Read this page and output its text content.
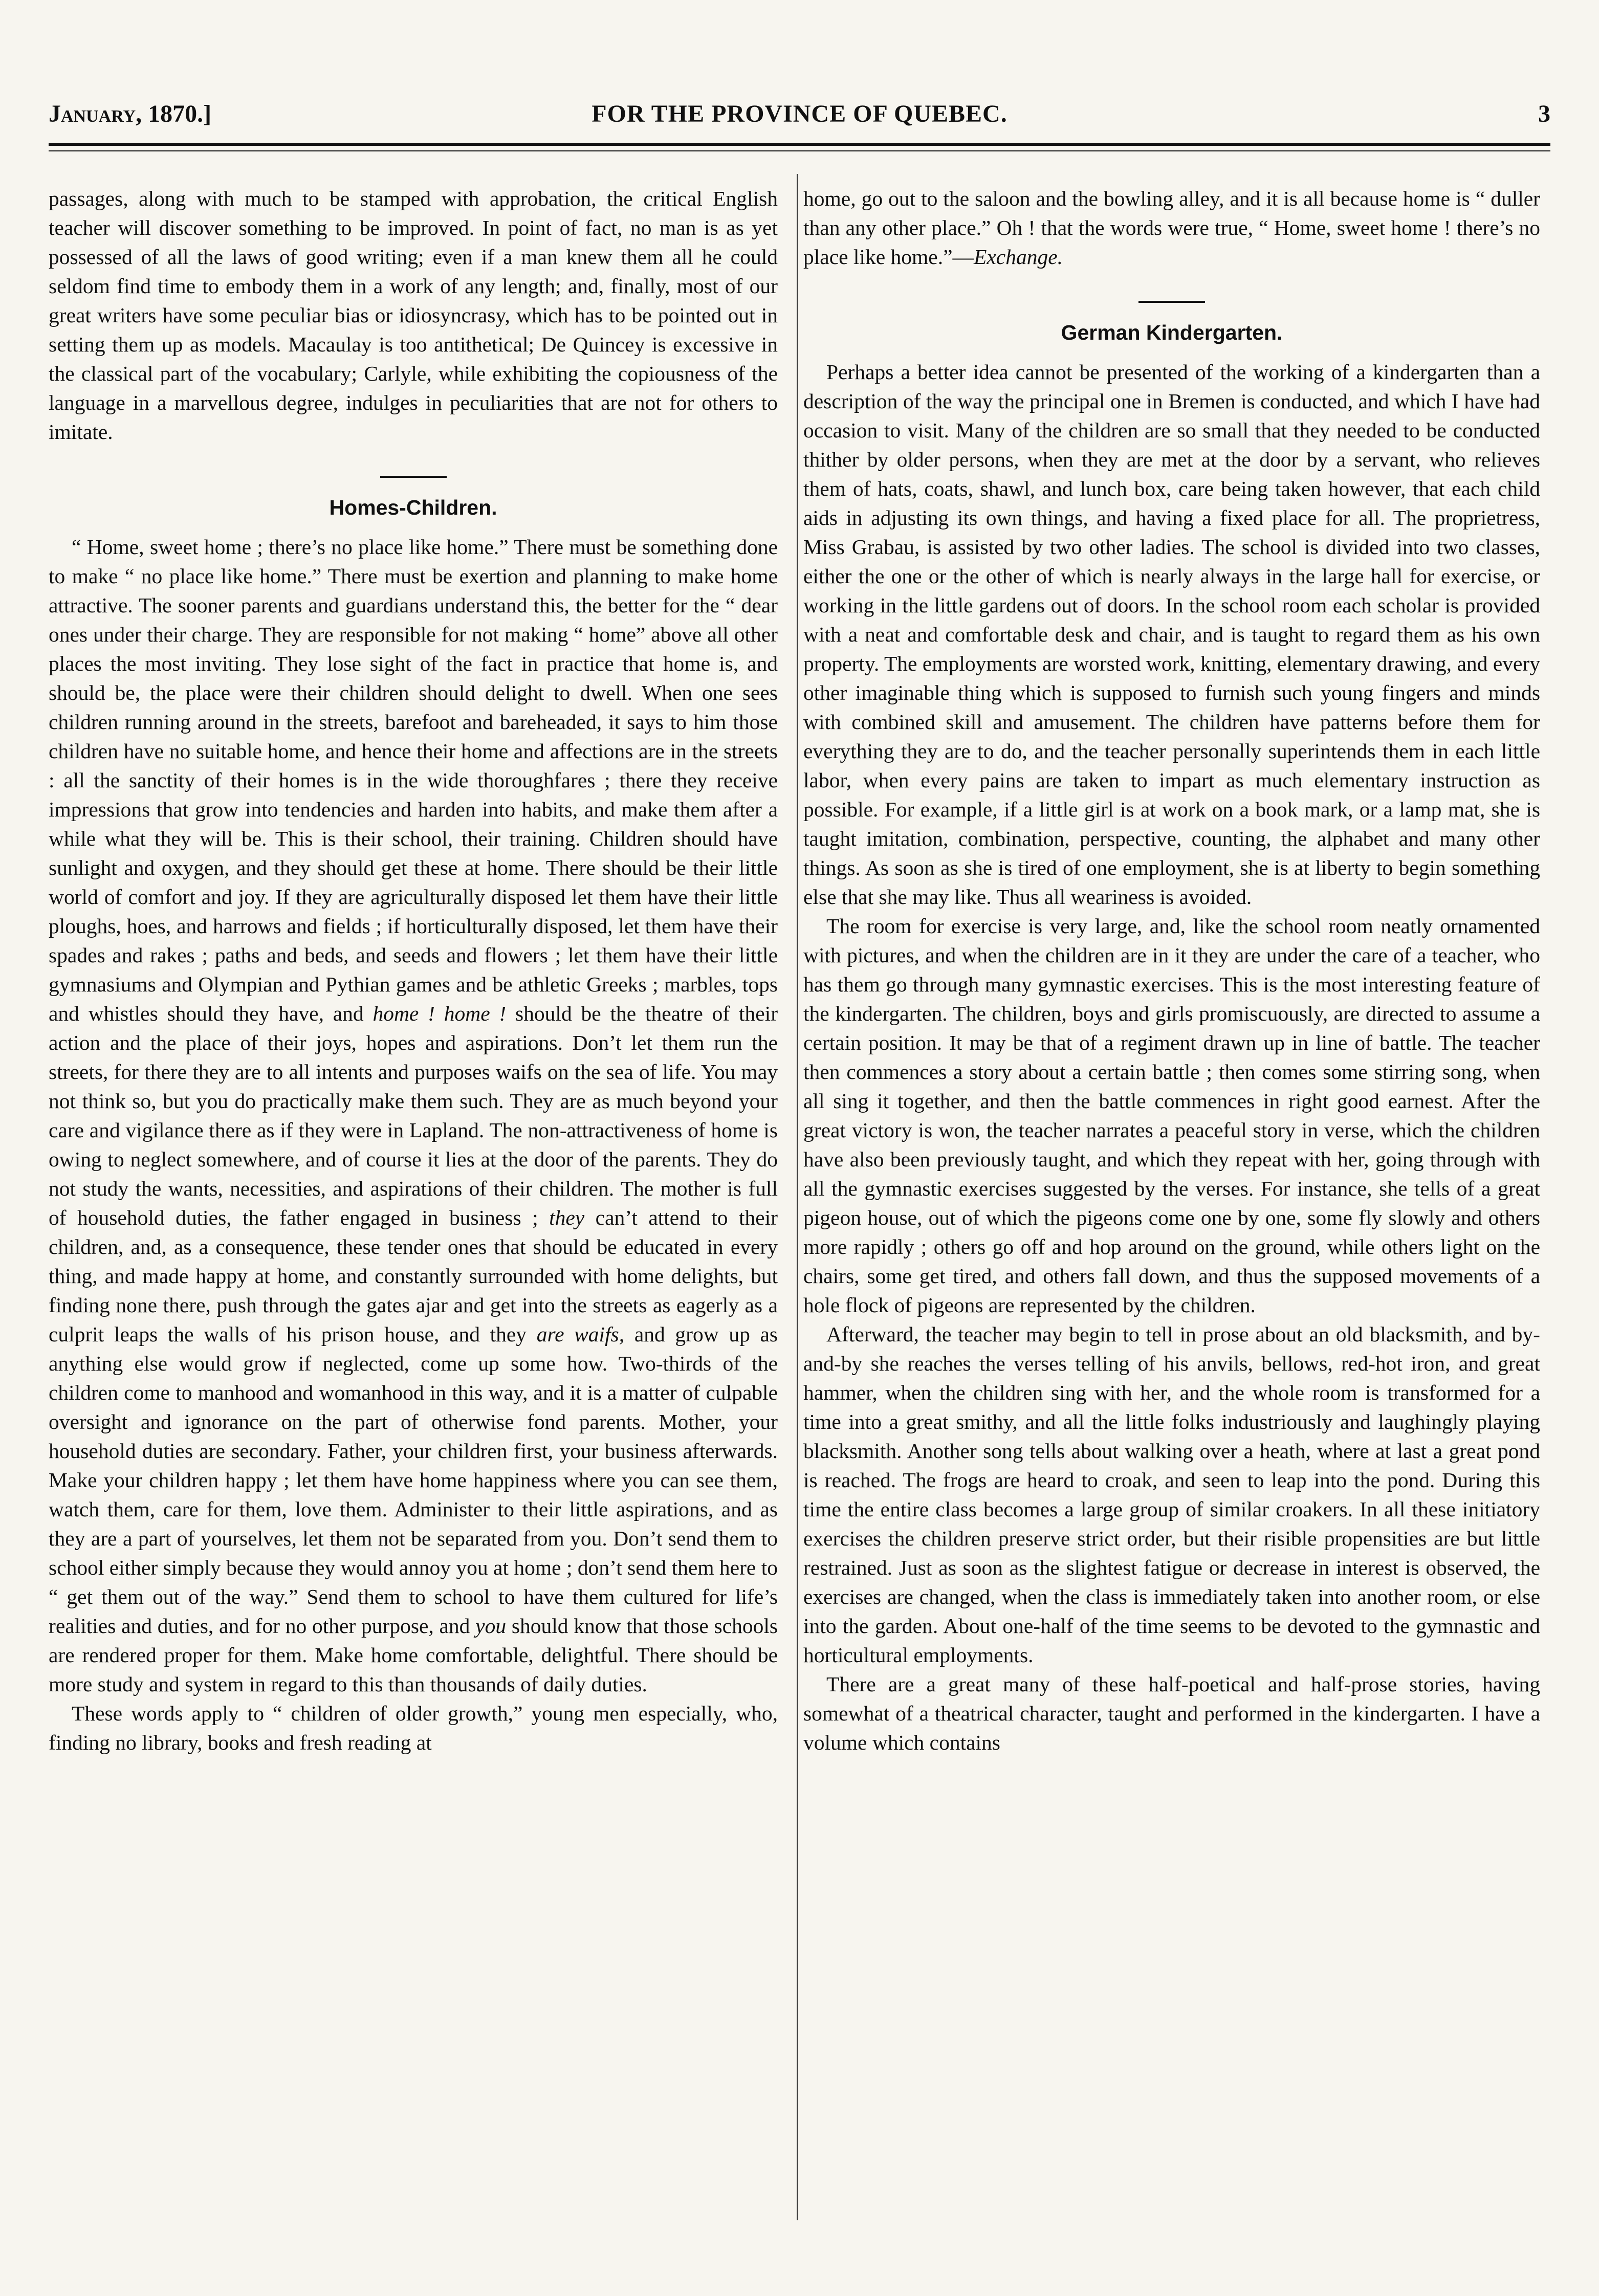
January, 1870.]	FOR THE PROVINCE OF QUEBEC.	3

passages, along with much to be stamped with approbation, the critical English teacher will discover something to be improved. In point of fact, no man is as yet possessed of all the laws of good writing; even if a man knew them all he could seldom find time to embody them in a work of any length; and, finally, most of our great writers have some peculiar bias or idiosyncrasy, which has to be pointed out in setting them up as models. Macaulay is too antithetical; De Quincey is excessive in the classical part of the vocabulary; Carlyle, while exhibiting the copiousness of the language in a marvellous degree, indulges in peculiarities that are not for others to imitate.

Homes-Children.

“ Home, sweet home ; there’s no place like home.” There must be something done to make “ no place like home.” There must be exertion and planning to make home attractive. The sooner parents and guardians understand this, the better for the “ dear ones under their charge. They are responsible for not making “ home” above all other places the most inviting. They lose sight of the fact in practice that home is, and should be, the place were their children should delight to dwell. When one sees children running around in the streets, barefoot and bareheaded, it says to him those children have no suitable home, and hence their home and affections are in the streets : all the sanctity of their homes is in the wide thoroughfares ; there they receive impressions that grow into tendencies and harden into habits, and make them after a while what they will be. This is their school, their training. Children should have sunlight and oxygen, and they should get these at home. There should be their little world of comfort and joy. If they are agriculturally disposed let them have their little ploughs, hoes, and harrows and fields ; if horticulturally disposed, let them have their spades and rakes ; paths and beds, and seeds and flowers ; let them have their little gymnasiums and Olympian and Pythian games and be athletic Greeks ; marbles, tops and whistles should they have, and home ! home ! should be the theatre of their action and the place of their joys, hopes and aspirations. Don’t let them run the streets, for there they are to all intents and purposes waifs on the sea of life. You may not think so, but you do practically make them such. They are as much beyond your care and vigilance there as if they were in Lapland. The non-attractiveness of home is owing to neglect somewhere, and of course it lies at the door of the parents. They do not study the wants, necessities, and aspirations of their children. The mother is full of household duties, the father engaged in business ; they can’t attend to their children, and, as a consequence, these tender ones that should be educated in every thing, and made happy at home, and constantly surrounded with home delights, but finding none there, push through the gates ajar and get into the streets as eagerly as a culprit leaps the walls of his prison house, and they are waifs, and grow up as anything else would grow if neglected, come up some how. Two-thirds of the children come to manhood and womanhood in this way, and it is a matter of culpable oversight and ignorance on the part of otherwise fond parents. Mother, your household duties are secondary. Father, your children first, your business afterwards. Make your children happy ; let them have home happiness where you can see them, watch them, care for them, love them. Administer to their little aspirations, and as they are a part of yourselves, let them not be separated from you. Don’t send them to school either simply because they would annoy you at home ; don’t send them here to “ get them out of the way.” Send them to school to have them cultured for life’s realities and duties, and for no other purpose, and you should know that those schools are rendered proper for them. Make home comfortable, delightful. There should be more study and system in regard to this than thousands of daily duties.

These words apply to “ children of older growth,” young men especially, who, finding no library, books and fresh reading at

home, go out to the saloon and the bowling alley, and it is all because home is “ duller than any other place.” Oh ! that the words were true, “ Home, sweet home ! there’s no place like home.”—Exchange.

German Kindergarten.

Perhaps a better idea cannot be presented of the working of a kindergarten than a description of the way the principal one in Bremen is conducted, and which I have had occasion to visit. Many of the children are so small that they needed to be conducted thither by older persons, when they are met at the door by a servant, who relieves them of hats, coats, shawl, and lunch box, care being taken however, that each child aids in adjusting its own things, and having a fixed place for all. The proprietress, Miss Grabau, is assisted by two other ladies. The school is divided into two classes, either the one or the other of which is nearly always in the large hall for exercise, or working in the little gardens out of doors. In the school room each scholar is provided with a neat and comfortable desk and chair, and is taught to regard them as his own property. The employments are worsted work, knitting, elementary drawing, and every other imaginable thing which is supposed to furnish such young fingers and minds with combined skill and amusement. The children have patterns before them for everything they are to do, and the teacher personally superintends them in each little labor, when every pains are taken to impart as much elementary instruction as possible. For example, if a little girl is at work on a book mark, or a lamp mat, she is taught imitation, combination, perspective, counting, the alphabet and many other things. As soon as she is tired of one employment, she is at liberty to begin something else that she may like. Thus all weariness is avoided.

The room for exercise is very large, and, like the school room neatly ornamented with pictures, and when the children are in it they are under the care of a teacher, who has them go through many gymnastic exercises. This is the most interesting feature of the kindergarten. The children, boys and girls promiscuously, are directed to assume a certain position. It may be that of a regiment drawn up in line of battle. The teacher then commences a story about a certain battle ; then comes some stirring song, when all sing it together, and then the battle commences in right good earnest. After the great victory is won, the teacher narrates a peaceful story in verse, which the children have also been previously taught, and which they repeat with her, going through with all the gymnastic exercises suggested by the verses. For instance, she tells of a great pigeon house, out of which the pigeons come one by one, some fly slowly and others more rapidly ; others go off and hop around on the ground, while others light on the chairs, some get tired, and others fall down, and thus the supposed movements of a hole flock of pigeons are represented by the children.

Afterward, the teacher may begin to tell in prose about an old blacksmith, and by-and-by she reaches the verses telling of his anvils, bellows, red-hot iron, and great hammer, when the children sing with her, and the whole room is transformed for a time into a great smithy, and all the little folks industriously and laughingly playing blacksmith. Another song tells about walking over a heath, where at last a great pond is reached. The frogs are heard to croak, and seen to leap into the pond. During this time the entire class becomes a large group of similar croakers. In all these initiatory exercises the children preserve strict order, but their risible propensities are but little restrained. Just as soon as the slightest fatigue or decrease in interest is observed, the exercises are changed, when the class is immediately taken into another room, or else into the garden. About one-half of the time seems to be devoted to the gymnastic and horticultural employments.

There are a great many of these half-poetical and half-prose stories, having somewhat of a theatrical character, taught and performed in the kindergarten. I have a volume which contains
